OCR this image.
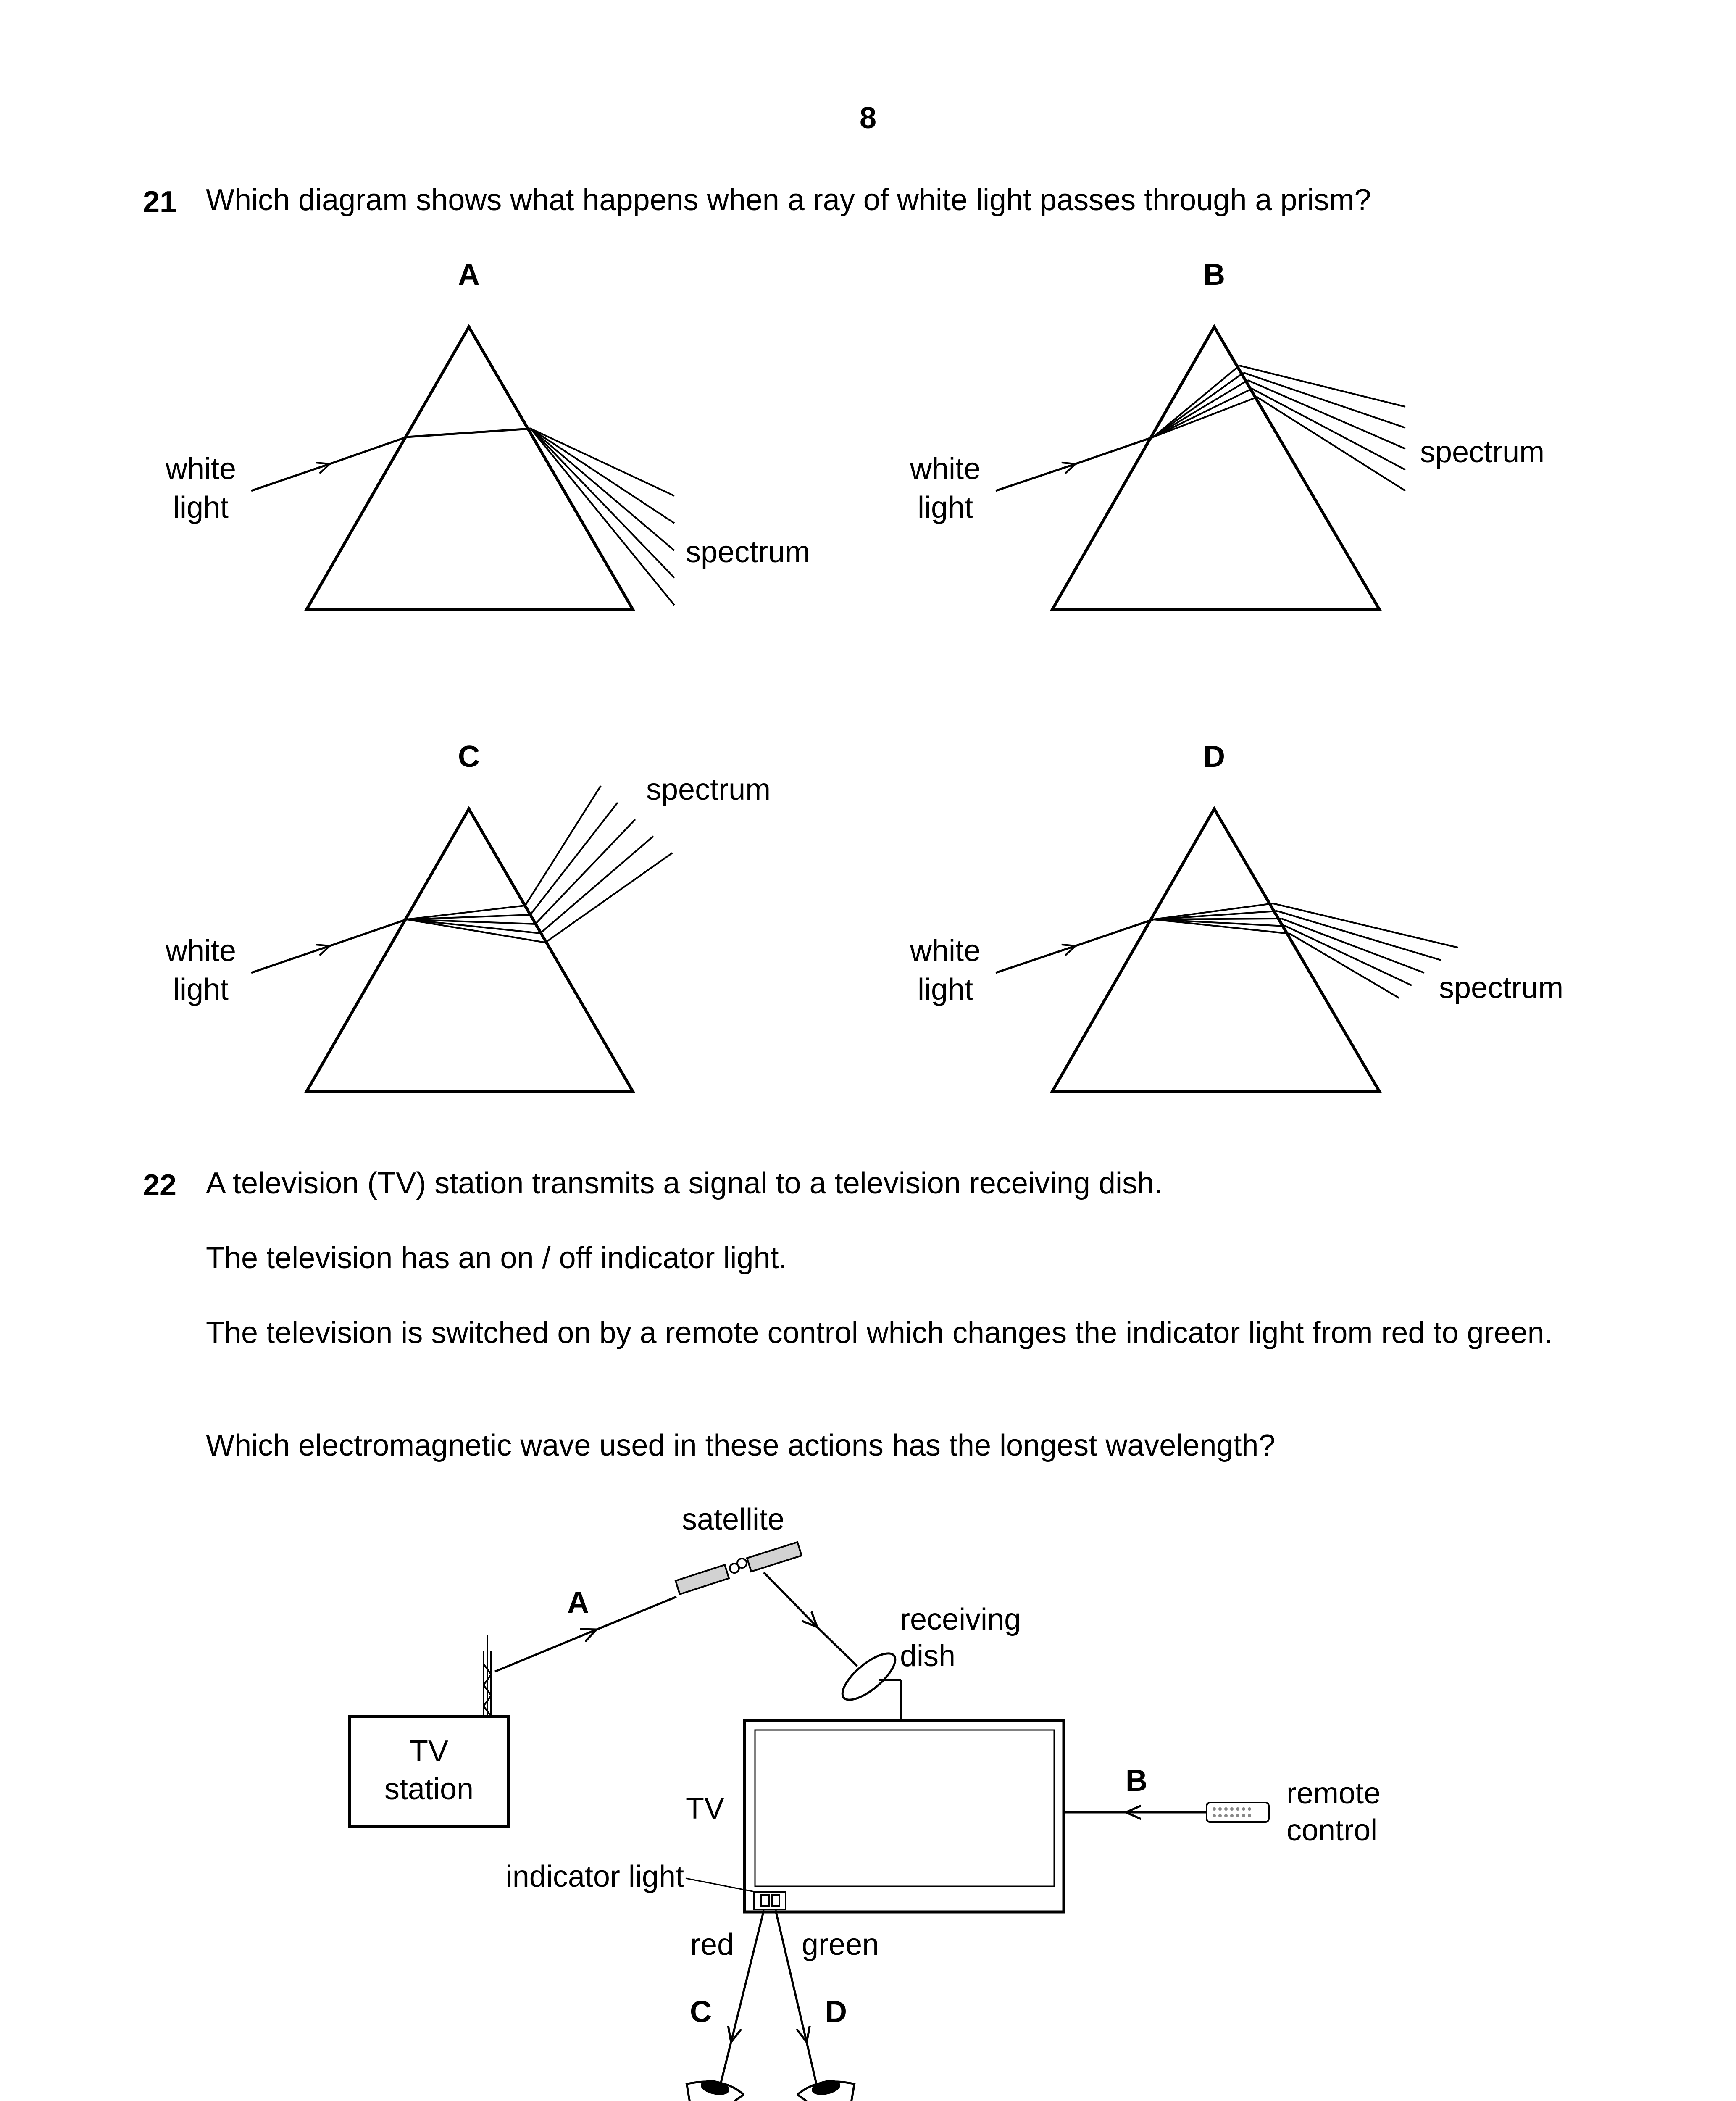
8
21 Which diagram shows what happens when a ray of white light passes through a prism?
A
white
light
spectrum
B
white
light
spectrum
C
white
light
spectrum
D
white
light	spectrum
22 A television (TV) station transmits a signal to a television receiving dish.
The television has an on / off indicator light.
The television is switched on by a remote control which changes the indicator light from red to green.
Which electromagnetic wave used in these actions has the longest wavelength?
TV
station
A
satellite
receiving
dish
TV
indicator light
B	remote
control
red green
C	D
